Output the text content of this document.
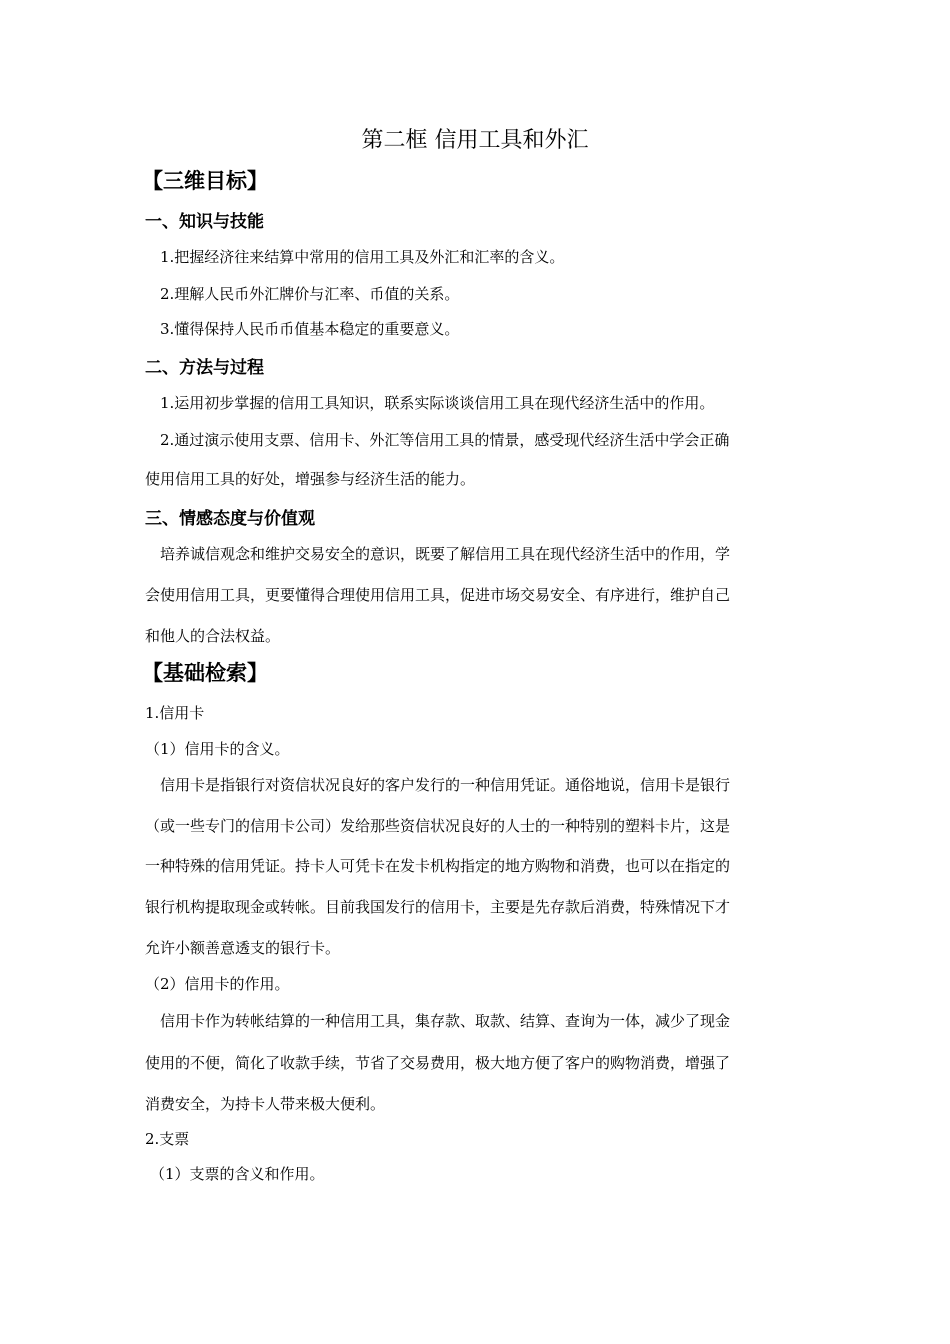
第二框 信用工具和外汇
【三维目标】
一、知识与技能
1.把握经济往来结算中常用的信用工具及外汇和汇率的含义。
2.理解人民币外汇牌价与汇率、币值的关系。
3.懂得保持人民币币值基本稳定的重要意义。
二、方法与过程
1.运用初步掌握的信用工具知识，联系实际谈谈信用工具在现代经济生活中的作用。
2.通过演示使用支票、信用卡、外汇等信用工具的情景，感受现代经济生活中学会正确
使用信用工具的好处，增强参与经济生活的能力。
三、情感态度与价值观
培养诚信观念和维护交易安全的意识，既要了解信用工具在现代经济生活中的作用，学
会使用信用工具，更要懂得合理使用信用工具，促进市场交易安全、有序进行，维护自己
和他人的合法权益。
【基础检索】
1.信用卡
（1）信用卡的含义。
信用卡是指银行对资信状况良好的客户发行的一种信用凭证。通俗地说，信用卡是银行
（或一些专门的信用卡公司）发给那些资信状况良好的人士的一种特别的塑料卡片，这是
一种特殊的信用凭证。持卡人可凭卡在发卡机构指定的地方购物和消费，也可以在指定的
银行机构提取现金或转帐。目前我国发行的信用卡，主要是先存款后消费，特殊情况下才
允许小额善意透支的银行卡。
（2）信用卡的作用。
信用卡作为转帐结算的一种信用工具，集存款、取款、结算、查询为一体，减少了现金
使用的不便，简化了收款手续，节省了交易费用，极大地方便了客户的购物消费，增强了
消费安全，为持卡人带来极大便利。
2.支票
（1）支票的含义和作用。
